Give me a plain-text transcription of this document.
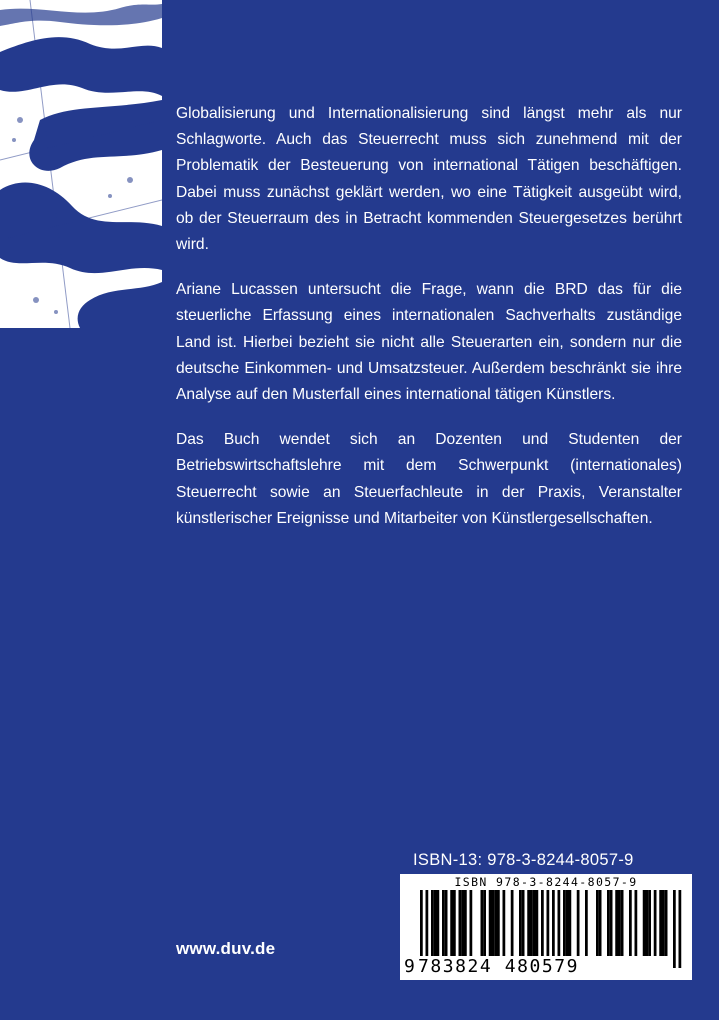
Globalisierung und Internationalisierung sind längst mehr als nur Schlagworte. Auch das Steuerrecht muss sich zunehmend mit der Problematik der Besteuerung von international Tätigen beschäftigen. Dabei muss zunächst geklärt werden, wo eine Tätigkeit ausgeübt wird, ob der Steuerraum des in Betracht kommenden Steuergesetzes berührt wird.

Ariane Lucassen untersucht die Frage, wann die BRD das für die steuerliche Erfassung eines internationalen Sachverhalts zuständige Land ist. Hierbei bezieht sie nicht alle Steuerarten ein, sondern nur die deutsche Einkommen- und Umsatzsteuer. Außerdem beschränkt sie ihre Analyse auf den Musterfall eines international tätigen Künstlers.

Das Buch wendet sich an Dozenten und Studenten der Betriebswirtschaftslehre mit dem Schwerpunkt (internationales) Steuerrecht sowie an Steuerfachleute in der Praxis, Veranstalter künstlerischer Ereignisse und Mitarbeiter von Künstlergesellschaften.

www.duv.de
ISBN-13: 978-3-8244-8057-9
ISBN 978-3-8244-8057-9
9 783824 480579
